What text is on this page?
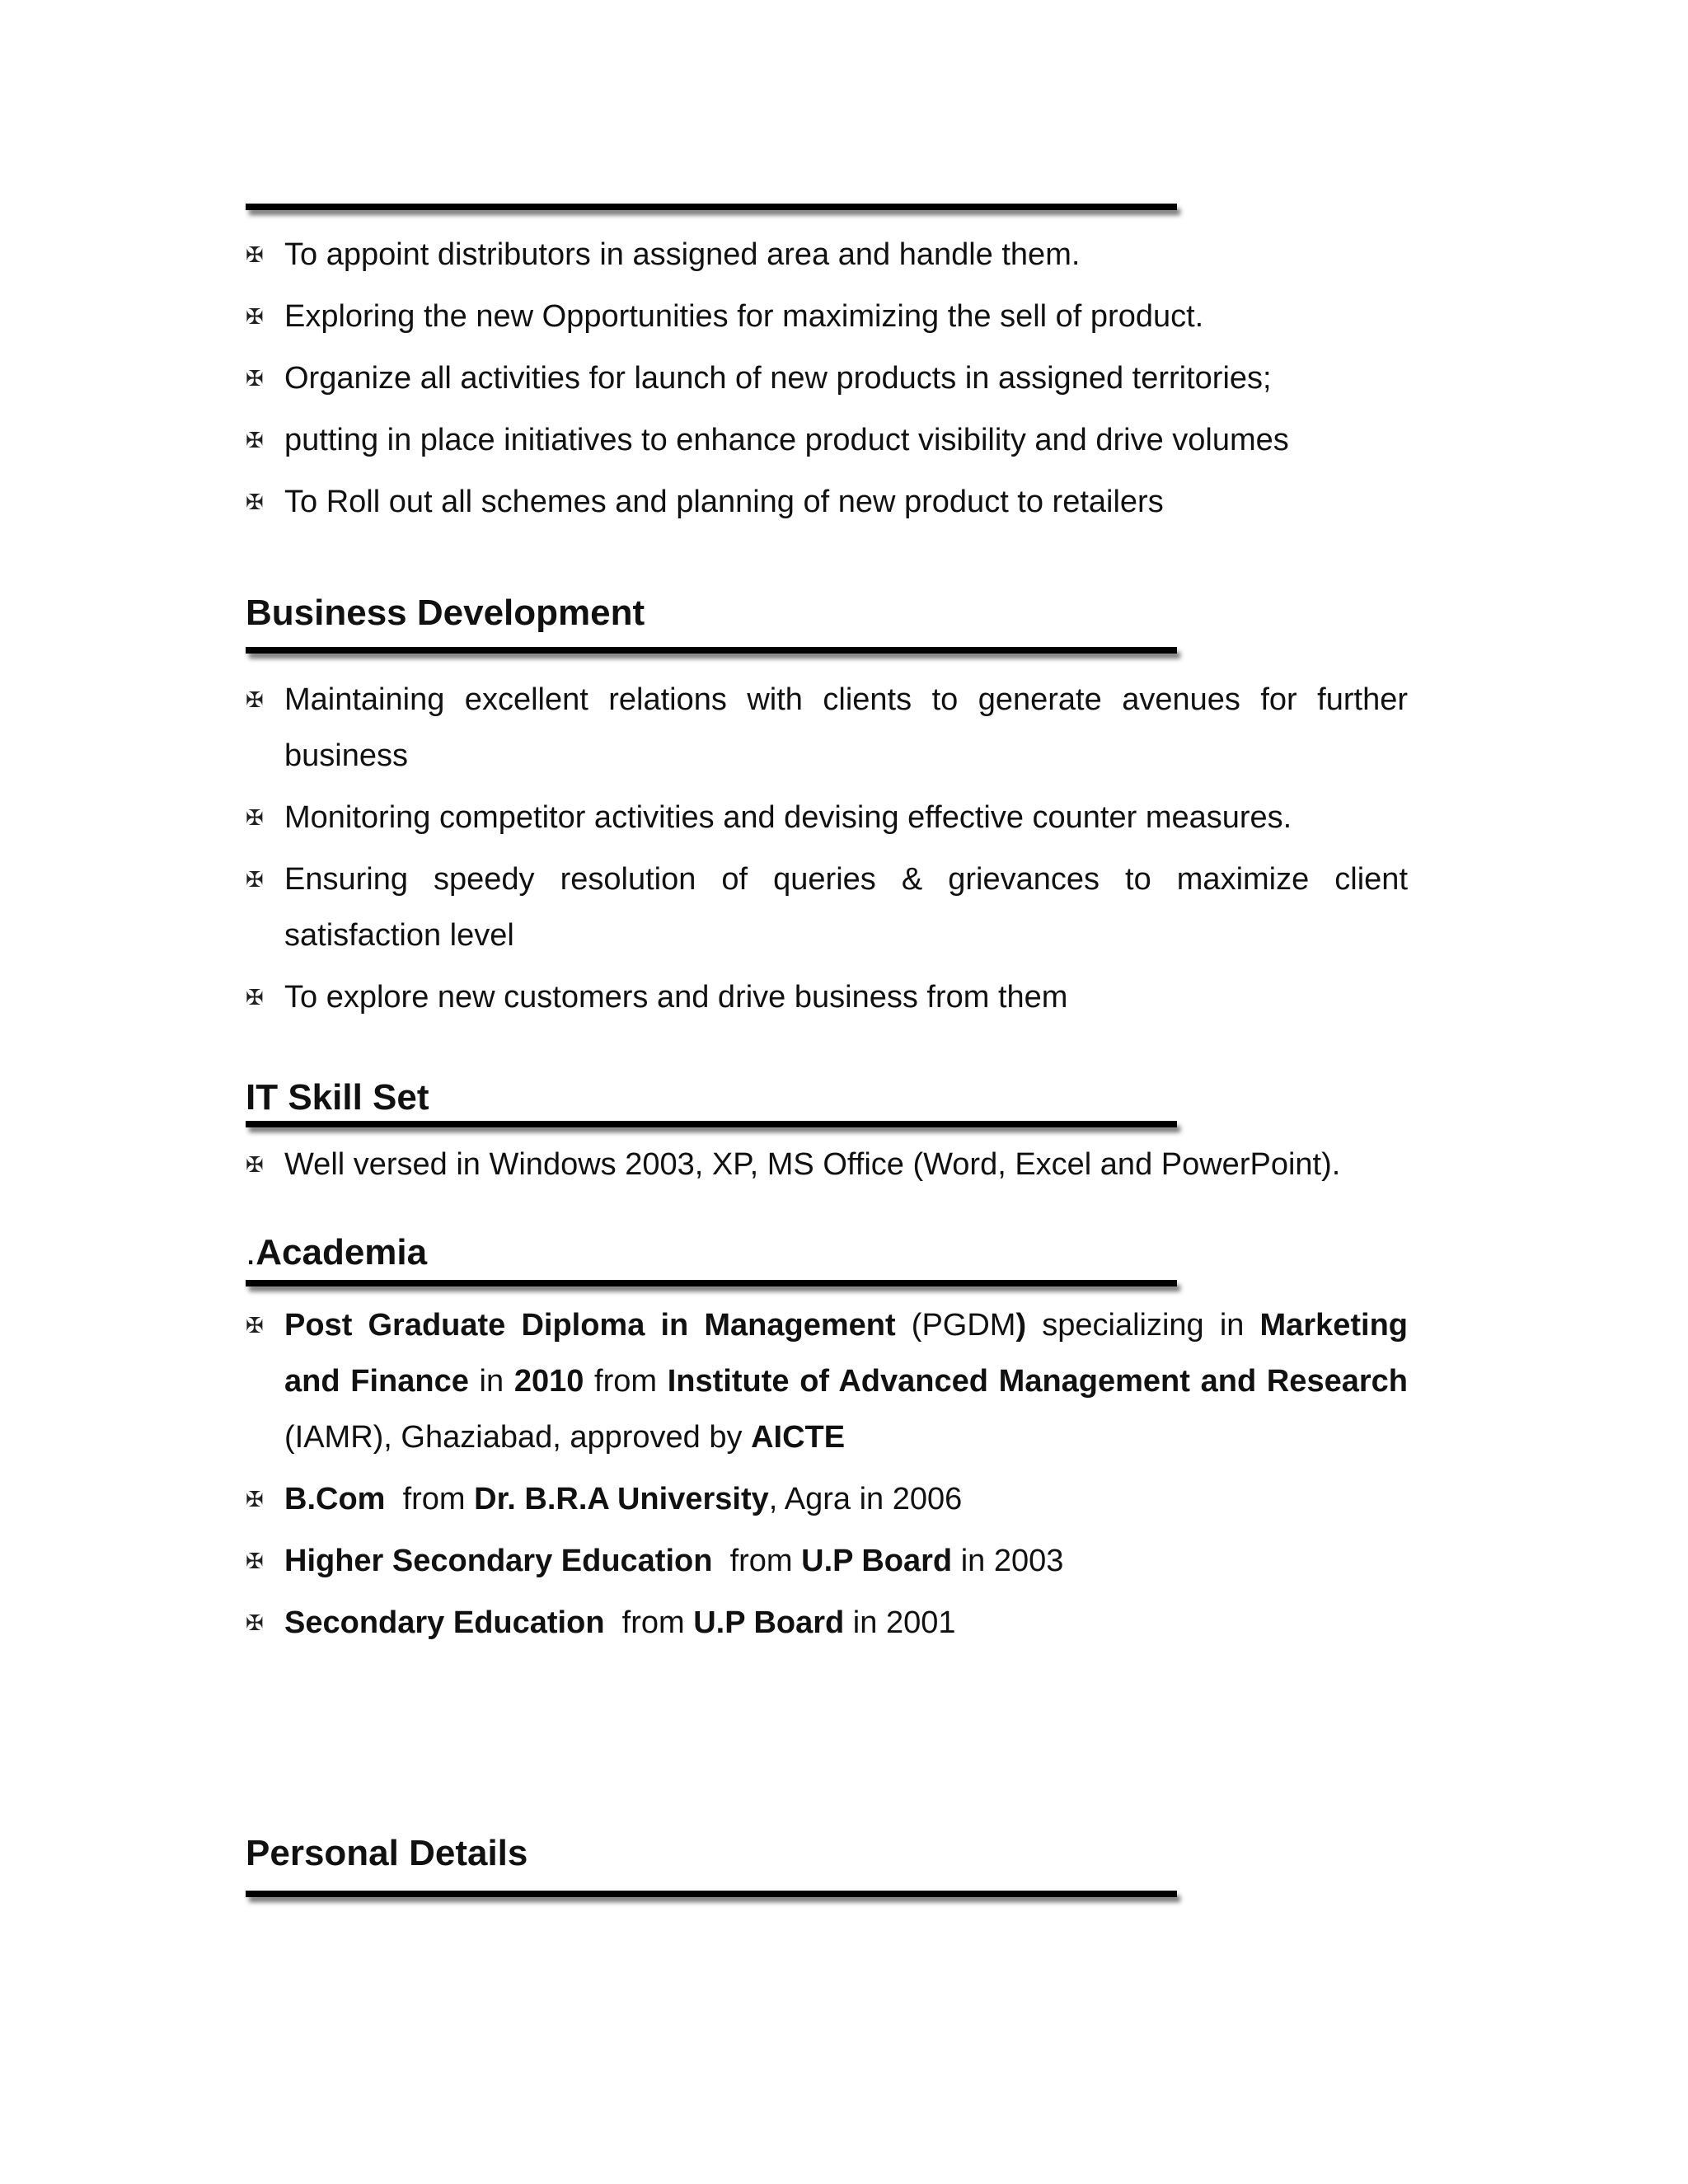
✠ To appoint distributors in assigned area and handle them.
✠ Exploring the new Opportunities for maximizing the sell of product.
✠ Organize all activities for launch of new products in assigned territories;
✠ putting in place initiatives to enhance product visibility and drive volumes
✠ To Roll out all schemes and planning of new product to retailers
Business Development
✠ Maintaining excellent relations with clients to generate avenues for further business
✠ Monitoring competitor activities and devising effective counter measures.
✠ Ensuring speedy resolution of queries & grievances to maximize client satisfaction level
✠ To explore new customers and drive business from them
IT Skill Set
✠ Well versed in Windows 2003, XP, MS Office (Word, Excel and PowerPoint).
.Academia
✠ Post Graduate Diploma in Management (PGDM) specializing in Marketing and Finance in 2010 from Institute of Advanced Management and Research (IAMR), Ghaziabad, approved by AICTE
✠ B.Com  from Dr. B.R.A University, Agra in 2006
✠ Higher Secondary Education  from U.P Board in 2003
✠ Secondary Education  from U.P Board in 2001
Personal Details
